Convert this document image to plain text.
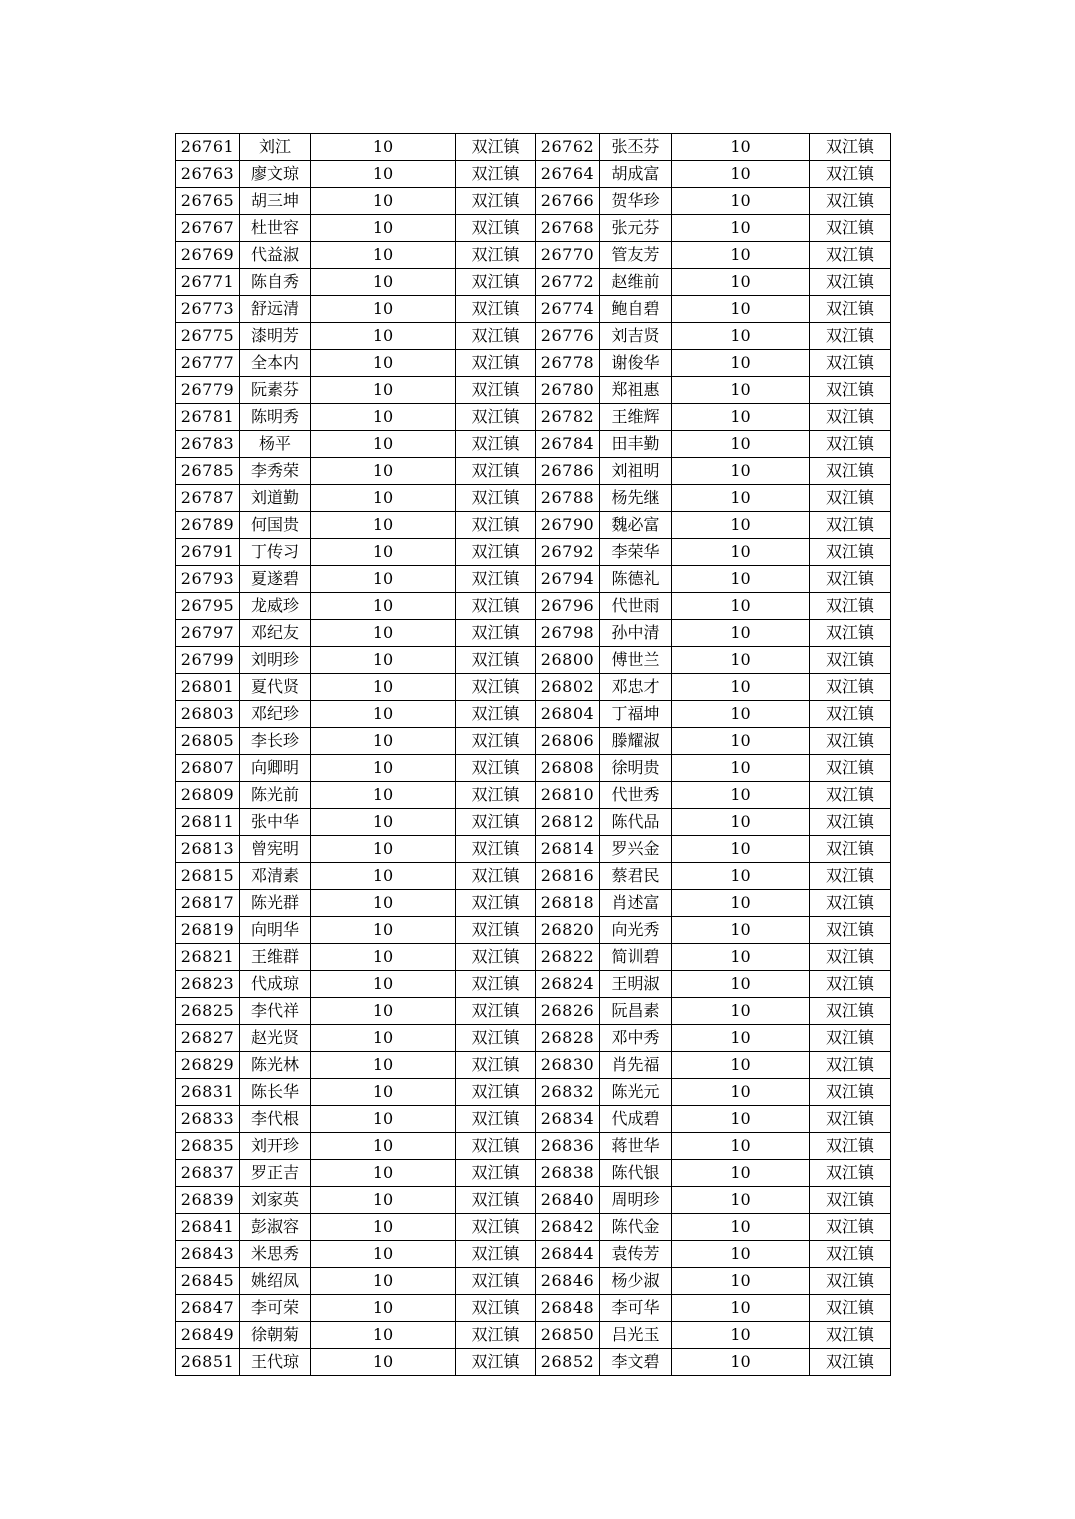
26761	刘江	10	双江镇	26762	张丕芬	10	双江镇
26763	廖文琼	10	双江镇	26764	胡成富	10	双江镇
26765	胡三坤	10	双江镇	26766	贺华珍	10	双江镇
26767	杜世容	10	双江镇	26768	张元芬	10	双江镇
26769	代益淑	10	双江镇	26770	管友芳	10	双江镇
26771	陈自秀	10	双江镇	26772	赵维前	10	双江镇
26773	舒远清	10	双江镇	26774	鲍自碧	10	双江镇
26775	漆明芳	10	双江镇	26776	刘吉贤	10	双江镇
26777	全本内	10	双江镇	26778	谢俊华	10	双江镇
26779	阮素芬	10	双江镇	26780	郑祖惠	10	双江镇
26781	陈明秀	10	双江镇	26782	王维辉	10	双江镇
26783	杨平	10	双江镇	26784	田丰勤	10	双江镇
26785	李秀荣	10	双江镇	26786	刘祖明	10	双江镇
26787	刘道勤	10	双江镇	26788	杨先继	10	双江镇
26789	何国贵	10	双江镇	26790	魏必富	10	双江镇
26791	丁传习	10	双江镇	26792	李荣华	10	双江镇
26793	夏遂碧	10	双江镇	26794	陈德礼	10	双江镇
26795	龙威珍	10	双江镇	26796	代世雨	10	双江镇
26797	邓纪友	10	双江镇	26798	孙中清	10	双江镇
26799	刘明珍	10	双江镇	26800	傅世兰	10	双江镇
26801	夏代贤	10	双江镇	26802	邓忠才	10	双江镇
26803	邓纪珍	10	双江镇	26804	丁福坤	10	双江镇
26805	李长珍	10	双江镇	26806	滕耀淑	10	双江镇
26807	向卿明	10	双江镇	26808	徐明贵	10	双江镇
26809	陈光前	10	双江镇	26810	代世秀	10	双江镇
26811	张中华	10	双江镇	26812	陈代品	10	双江镇
26813	曾宪明	10	双江镇	26814	罗兴金	10	双江镇
26815	邓清素	10	双江镇	26816	蔡君民	10	双江镇
26817	陈光群	10	双江镇	26818	肖述富	10	双江镇
26819	向明华	10	双江镇	26820	向光秀	10	双江镇
26821	王维群	10	双江镇	26822	简训碧	10	双江镇
26823	代成琼	10	双江镇	26824	王明淑	10	双江镇
26825	李代祥	10	双江镇	26826	阮昌素	10	双江镇
26827	赵光贤	10	双江镇	26828	邓中秀	10	双江镇
26829	陈光林	10	双江镇	26830	肖先福	10	双江镇
26831	陈长华	10	双江镇	26832	陈光元	10	双江镇
26833	李代根	10	双江镇	26834	代成碧	10	双江镇
26835	刘开珍	10	双江镇	26836	蒋世华	10	双江镇
26837	罗正吉	10	双江镇	26838	陈代银	10	双江镇
26839	刘家英	10	双江镇	26840	周明珍	10	双江镇
26841	彭淑容	10	双江镇	26842	陈代金	10	双江镇
26843	米思秀	10	双江镇	26844	袁传芳	10	双江镇
26845	姚绍凤	10	双江镇	26846	杨少淑	10	双江镇
26847	李可荣	10	双江镇	26848	李可华	10	双江镇
26849	徐朝菊	10	双江镇	26850	吕光玉	10	双江镇
26851	王代琼	10	双江镇	26852	李文碧	10	双江镇
